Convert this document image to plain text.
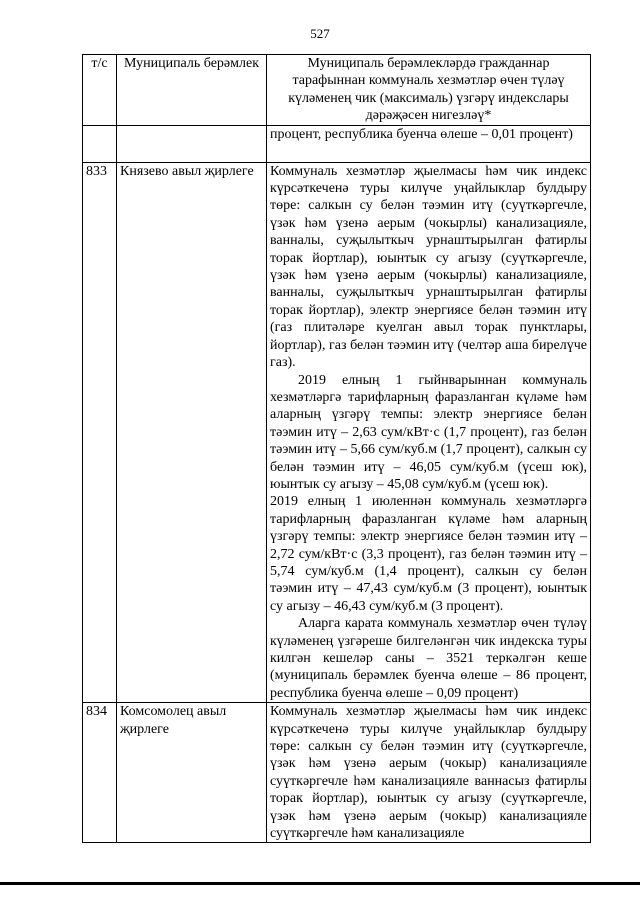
527
т/с	Муниципаль берәмлек	Муниципаль берәмлекләрдә гражданнар тарафыннан коммуналь хезмәтләр өчен түләү күләменең чик (максималь) үзгәрү индекслары дәрәҗәсен нигезләү*

		процент, республика буенча өлеше – 0,01 процент)

833	Князево авыл җирлеге	Коммуналь хезмәтләр җыелмасы һәм чик индекс күрсәткеченә туры килүче уңайлыклар булдыру төре: салкын су белән тәэмин итү (суүткәргечле, үзәк һәм үзенә аерым (чокырлы) канализацияле, ванналы, суҗылыткыч урнаштырылган фатирлы торак йортлар), юынтык су агызу (суүткәргечле, үзәк һәм үзенә аерым (чокырлы) канализацияле, ванналы, суҗылыткыч урнаштырылган фатирлы торак йортлар), электр энергиясе белән тәэмин итү (газ плитәләре куелган авыл торак пунктлары, йортлар), газ белән тәэмин итү (челтәр аша бирелүче газ).

2019 елның 1 гыйнварыннан коммуналь хезмәтләргә тарифларның фаразланган күләме һәм аларның үзгәрү темпы: электр энергиясе белән тәэмин итү – 2,63 сум/кВт·с (1,7 процент), газ белән тәэмин итү – 5,66 сум/куб.м (1,7 процент), салкын су белән тәэмин итү – 46,05 сум/куб.м (үсеш юк), юынтык су агызу – 45,08 сум/куб.м (үсеш юк).

2019 елның 1 июленнән коммуналь хезмәтләргә тарифларның фаразланган күләме һәм аларның үзгәрү темпы: электр энергиясе белән тәэмин итү – 2,72 сум/кВт·с (3,3 процент), газ белән тәэмин итү – 5,74 сум/куб.м (1,4 процент), салкын су белән тәэмин итү – 47,43 сум/куб.м (3 процент), юынтык су агызу – 46,43 сум/куб.м (3 процент).

Аларга карата коммуналь хезмәтләр өчен түләү күләменең үзгәреше билгеләнгән чик индекска туры килгән кешеләр саны – 3521 теркәлгән кеше (муниципаль берәмлек буенча өлеше – 86 процент, республика буенча өлеше – 0,09 процент)

834	Комсомолец авыл җирлеге	Коммуналь хезмәтләр җыелмасы һәм чик индекс күрсәткеченә туры килүче уңайлыклар булдыру төре: салкын су белән тәэмин итү (суүткәргечле, үзәк һәм үзенә аерым (чокыр) канализацияле суүткәргечле һәм канализацияле ваннасыз фатирлы торак йортлар), юынтык су агызу (суүткәргечле, үзәк һәм үзенә аерым (чокыр) канализацияле суүткәргечле һәм канализацияле
